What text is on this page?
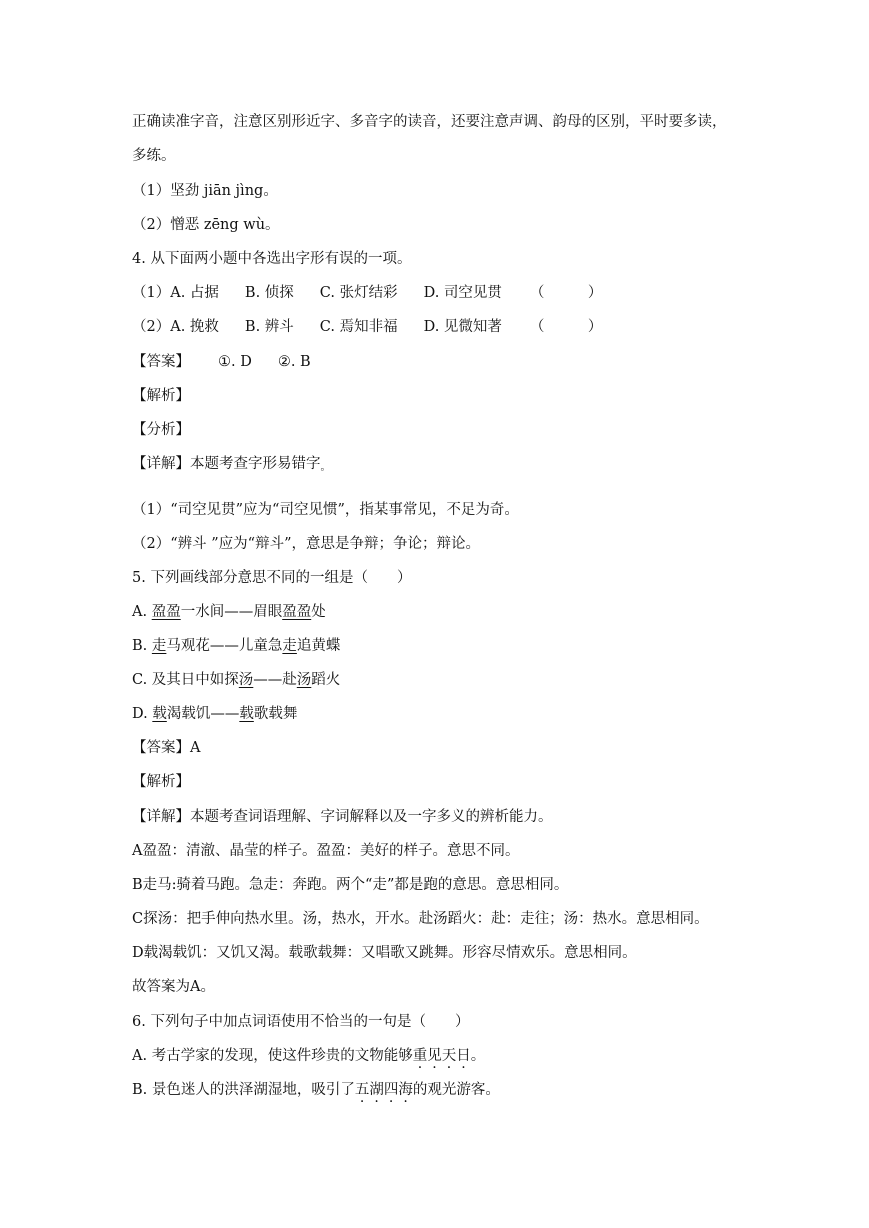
正确读准字音，注意区别形近字、多音字的读音，还要注意声调、韵母的区别，平时要多读，
多练。
（1）坚劲 jiān jìng。
（2）憎恶 zēng wù。
4. 从下面两小题中各选出字形有误的一项。
（1）A. 占据 B. 侦探 C. 张灯结彩 D. 司空见贯 （　　　）
（2）A. 挽救 B. 辨斗 C. 焉知非福 D. 见微知著 （　　　）
【答案】 ①. D ②. B
【解析】
【分析】
【详解】本题考查字形易错字。
（1）“司空见贯”应为“司空见惯”，指某事常见，不足为奇。
（2）“辨斗 ”应为“辩斗”，意思是争辩；争论；辩论。
5. 下列画线部分意思不同的一组是（　　）
A. 盈盈一水间——眉眼盈盈处
B. 走马观花——儿童急走追黄蝶
C. 及其日中如探汤——赴汤蹈火
D. 载渴载饥——载歌载舞
【答案】A
【解析】
【详解】本题考查词语理解、字词解释以及一字多义的辨析能力。
A盈盈：清澈、晶莹的样子。盈盈：美好的样子。意思不同。
B走马:骑着马跑。急走：奔跑。两个“走”都是跑的意思。意思相同。
C探汤：把手伸向热水里。汤，热水，开水。赴汤蹈火：赴：走往；汤：热水。意思相同。
D载渴载饥：又饥又渴。载歌载舞：又唱歌又跳舞。形容尽情欢乐。意思相同。
故答案为A。
6. 下列句子中加点词语使用不恰当的一句是（　　）
A. 考古学家的发现，使这件珍贵的文物能够重见天日。
B. 景色迷人的洪泽湖湿地，吸引了五湖四海的观光游客。
